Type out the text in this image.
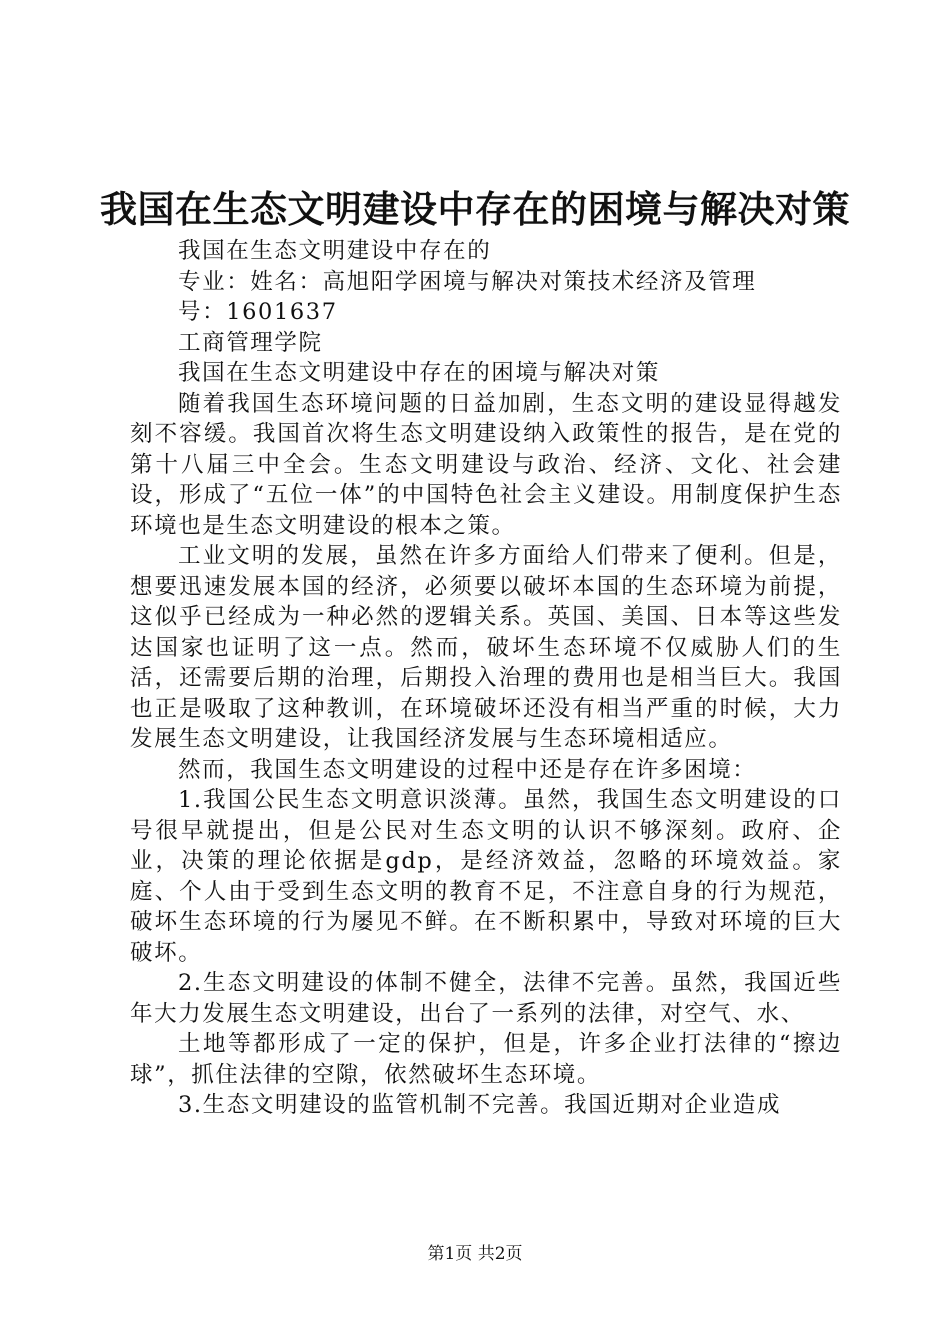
我国在生态文明建设中存在的困境与解决对策

我国在生态文明建设中存在的

专业：姓名：高旭阳学困境与解决对策技术经济及管理

号：1601637

工商管理学院

我国在生态文明建设中存在的困境与解决对策

随着我国生态环境问题的日益加剧，生态文明的建设显得越发刻不容缓。我国首次将生态文明建设纳入政策性的报告，是在党的第十八届三中全会。生态文明建设与政治、经济、文化、社会建设，形成了“五位一体”的中国特色社会主义建设。用制度保护生态环境也是生态文明建设的根本之策。

工业文明的发展，虽然在许多方面给人们带来了便利。但是，想要迅速发展本国的经济，必须要以破坏本国的生态环境为前提，这似乎已经成为一种必然的逻辑关系。英国、美国、日本等这些发达国家也证明了这一点。然而，破坏生态环境不仅威胁人们的生活，还需要后期的治理，后期投入治理的费用也是相当巨大。我国也正是吸取了这种教训，在环境破坏还没有相当严重的时候，大力发展生态文明建设，让我国经济发展与生态环境相适应。

然而，我国生态文明建设的过程中还是存在许多困境：

1.我国公民生态文明意识淡薄。虽然，我国生态文明建设的口号很早就提出，但是公民对生态文明的认识不够深刻。政府、企业，决策的理论依据是gdp，是经济效益，忽略的环境效益。家庭、个人由于受到生态文明的教育不足，不注意自身的行为规范，破坏生态环境的行为屡见不鲜。在不断积累中，导致对环境的巨大破坏。

2.生态文明建设的体制不健全，法律不完善。虽然，我国近些年大力发展生态文明建设，出台了一系列的法律，对空气、水、

土地等都形成了一定的保护，但是，许多企业打法律的“擦边球”，抓住法律的空隙，依然破坏生态环境。

3.生态文明建设的监管机制不完善。我国近期对企业造成

第1页 共2页
